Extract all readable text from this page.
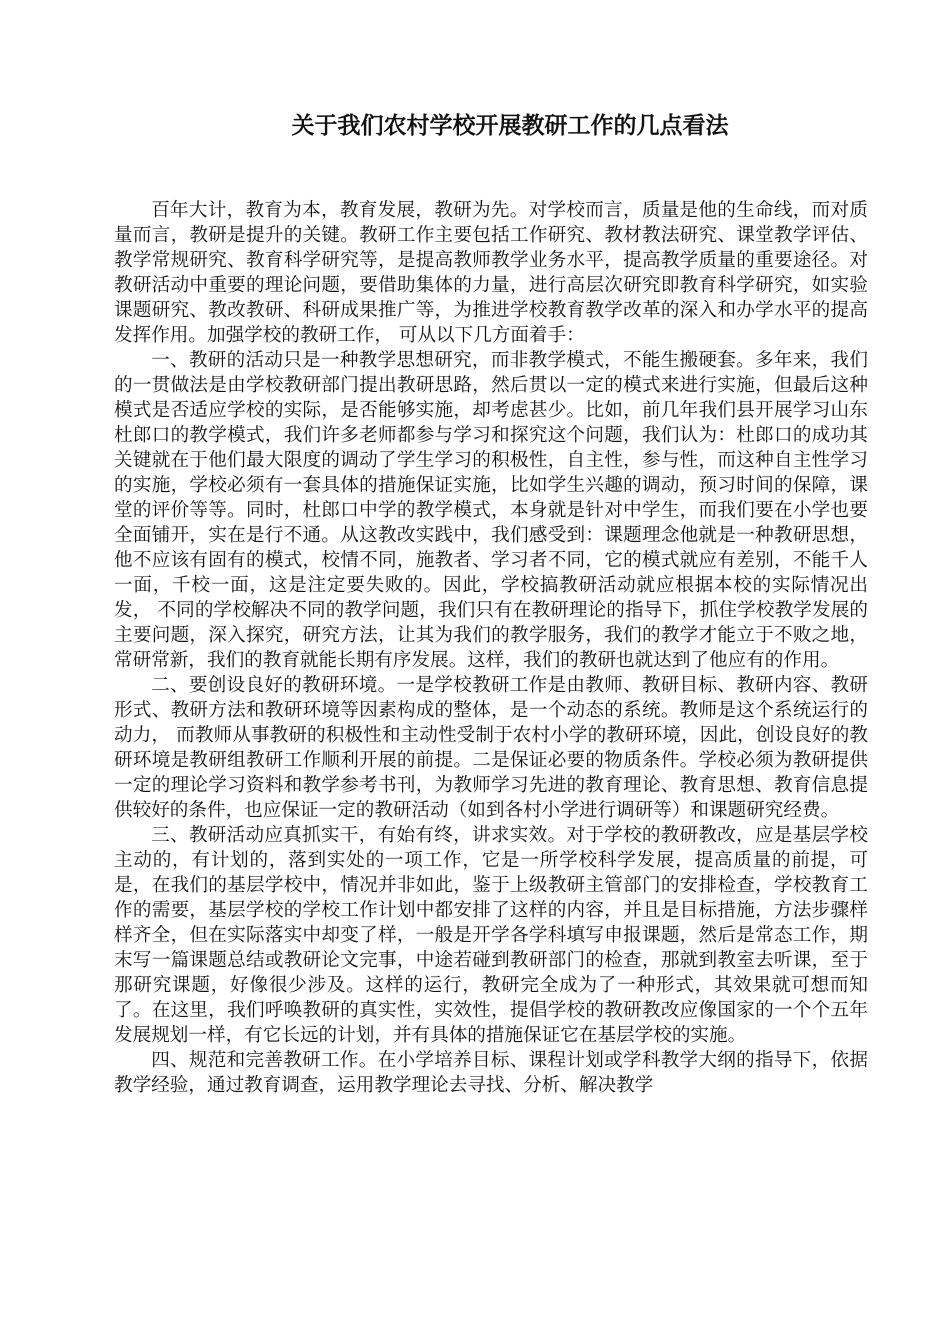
关于我们农村学校开展教研工作的几点看法

百年大计，教育为本，教育发展，教研为先。对学校而言，质量是他的生命线，而对质量而言，教研是提升的关键。教研工作主要包括工作研究、教材教法研究、课堂教学评估、教学常规研究、教育科学研究等，是提高教师教学业务水平，提高教学质量的重要途径。对教研活动中重要的理论问题，要借助集体的力量，进行高层次研究即教育科学研究，如实验课题研究、教改教研、科研成果推广等，为推进学校教育教学改革的深入和办学水平的提高发挥作用。加强学校的教研工作， 可从以下几方面着手：

一、教研的活动只是一种教学思想研究，而非教学模式，不能生搬硬套。多年来，我们的一贯做法是由学校教研部门提出教研思路，然后贯以一定的模式来进行实施，但最后这种模式是否适应学校的实际，是否能够实施，却考虑甚少。比如，前几年我们县开展学习山东杜郎口的教学模式，我们许多老师都参与学习和探究这个问题，我们认为：杜郎口的成功其关键就在于他们最大限度的调动了学生学习的积极性，自主性，参与性，而这种自主性学习的实施，学校必须有一套具体的措施保证实施，比如学生兴趣的调动，预习时间的保障，课堂的评价等等。同时，杜郎口中学的教学模式，本身就是针对中学生，而我们要在小学也要全面铺开，实在是行不通。从这教改实践中，我们感受到：课题理念他就是一种教研思想，他不应该有固有的模式，校情不同，施教者、学习者不同，它的模式就应有差别，不能千人一面，千校一面，这是注定要失败的。因此，学校搞教研活动就应根据本校的实际情况出发， 不同的学校解决不同的教学问题，我们只有在教研理论的指导下，抓住学校教学发展的主要问题，深入探究，研究方法，让其为我们的教学服务，我们的教学才能立于不败之地，常研常新，我们的教育就能长期有序发展。这样，我们的教研也就达到了他应有的作用。

二、要创设良好的教研环境。一是学校教研工作是由教师、教研目标、教研内容、教研形式、教研方法和教研环境等因素构成的整体，是一个动态的系统。教师是这个系统运行的动力， 而教师从事教研的积极性和主动性受制于农村小学的教研环境，因此，创设良好的教研环境是教研组教研工作顺利开展的前提。二是保证必要的物质条件。学校必须为教研提供一定的理论学习资料和教学参考书刊，为教师学习先进的教育理论、教育思想、教育信息提供较好的条件，也应保证一定的教研活动（如到各村小学进行调研等）和课题研究经费。

三、教研活动应真抓实干，有始有终，讲求实效。对于学校的教研教改，应是基层学校主动的，有计划的，落到实处的一项工作，它是一所学校科学发展，提高质量的前提，可是，在我们的基层学校中，情况并非如此，鉴于上级教研主管部门的安排检查，学校教育工作的需要，基层学校的学校工作计划中都安排了这样的内容，并且是目标措施，方法步骤样样齐全，但在实际落实中却变了样，一般是开学各学科填写申报课题，然后是常态工作，期末写一篇课题总结或教研论文完事，中途若碰到教研部门的检查，那就到教室去听课，至于那研究课题，好像很少涉及。这样的运行，教研完全成为了一种形式，其效果就可想而知了。在这里，我们呼唤教研的真实性，实效性，提倡学校的教研教改应像国家的一个个五年发展规划一样，有它长远的计划，并有具体的措施保证它在基层学校的实施。

四、规范和完善教研工作。在小学培养目标、课程计划或学科教学大纲的指导下，依据教学经验，通过教育调查，运用教学理论去寻找、分析、解决教学
